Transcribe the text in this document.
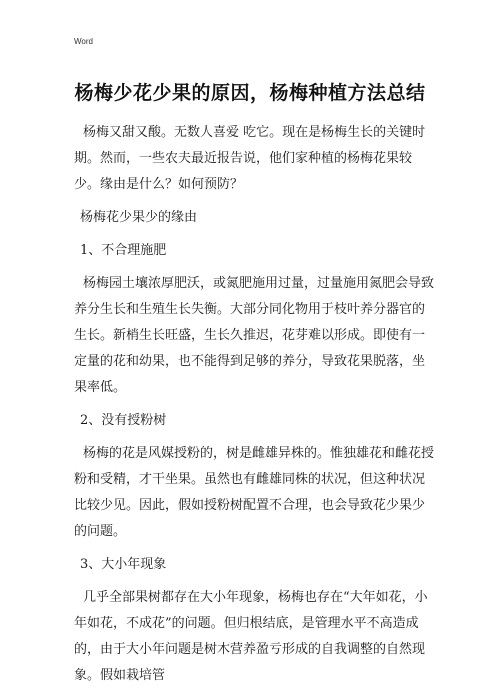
Word
杨梅少花少果的原因，杨梅种植方法总结

杨梅又甜又酸。无数人喜爱 吃它。现在是杨梅生长的关键时期。然而，一些农夫最近报告说，他们家种植的杨梅花果较少。缘由是什么？如何预防？

杨梅花少果少的缘由

1、不合理施肥

杨梅园土壤浓厚肥沃，或氮肥施用过量，过量施用氮肥会导致养分生长和生殖生长失衡。大部分同化物用于枝叶养分器官的生长。新梢生长旺盛，生长久推迟，花芽难以形成。即使有一定量的花和幼果，也不能得到足够的养分，导致花果脱落，坐果率低。

2、没有授粉树

杨梅的花是风媒授粉的，树是雌雄异株的。惟独雄花和雌花授粉和受精，才干坐果。虽然也有雌雄同株的状况，但这种状况比较少见。因此，假如授粉树配置不合理，也会导致花少果少的问题。

3、大小年现象

几乎全部果树都存在大小年现象，杨梅也存在“大年如花，小年如花，不成花”的问题。但归根结底，是管理水平不高造成的，由于大小年问题是树木营养盈亏形成的自我调整的自然现象。假如栽培管
